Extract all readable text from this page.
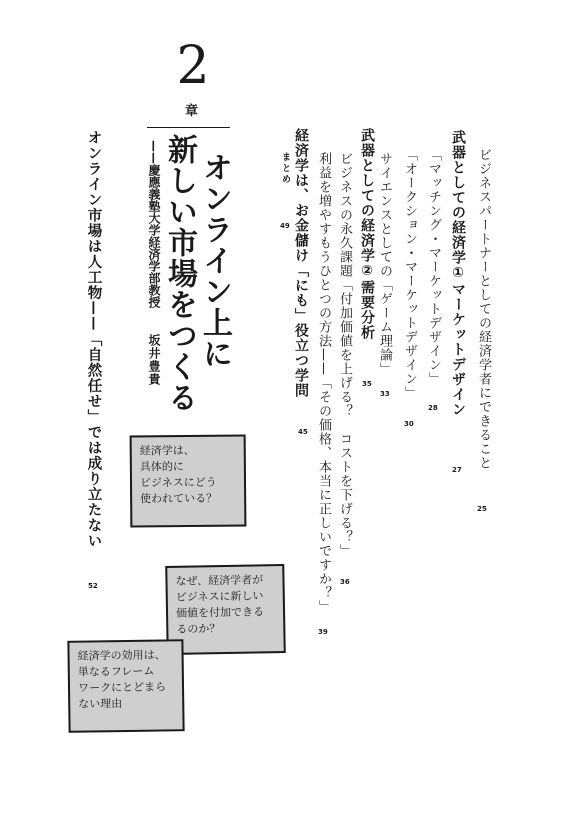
2
章
オンライン上に
新しい市場をつくる
——慶應義塾大学経済学部教授
坂井豊貴	ビジネスパートナーとしての経済学者にできること
25
武器としての経済学①マーケットデザイン
27
「マッチング・マーケットデザイン」
28
「オークション・マーケットデザイン」
30
サイエンスとしての「ゲーム理論」
33
武器としての経済学②需要分析
35
ビジネスの永久課題「付加価値を上げる？　コストを下げる？」
36
利益を増やすもうひとつの方法——「その価格、本当に正しいですか？」
39
経済学は、お金儲け「にも」役立つ学問
45
まとめ
49
オンライン市場は人工物——「自然任せ」では成り立たない
52
経済学は、
具体的に
ビジネスにどう
使われている？
なぜ、経済学者が
ビジネスに新しい
価値を付加できる
るのか？
経済学の効用は、
単なるフレーム
ワークにとどまら
ない理由
